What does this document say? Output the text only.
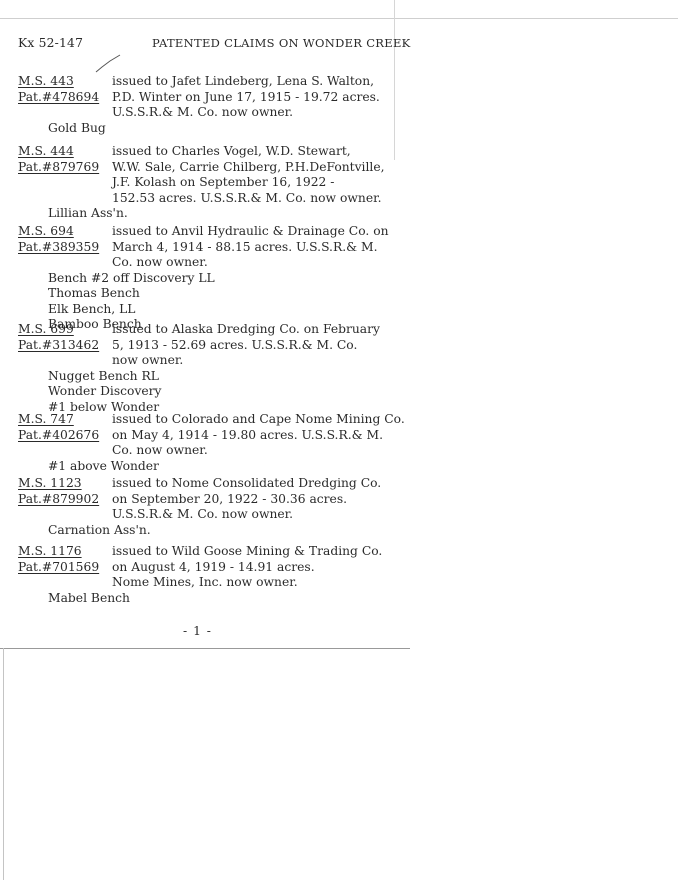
Kx 52-147	PATENTED CLAIMS ON WONDER CREEK
M.S. 443	issued to Jafet Lindeberg, Lena S. Walton,
Pat.#478694 P.D. Winter on June 17, 1915 - 19.72 acres.
U.S.S.R.& M. Co. now owner.
Gold Bug
M.S. 444	issued to Charles Vogel, W.D. Stewart,
Pat.#879769 W.W. Sale, Carrie Chilberg, P.H.DeFontville,
J.F. Kolash on September 16, 1922 -
152.53 acres. U.S.S.R.& M. Co. now owner.
Lillian Ass'n.
M.S. 694	issued to Anvil Hydraulic & Drainage Co. on
Pat.#389359 March 4, 1914 - 88.15 acres. U.S.S.R.& M.
Co. now owner.
Bench #2 off Discovery LL
Thomas Bench
Elk Bench, LL
Bamboo Bench
M.S. 699	issued to Alaska Dredging Co. on February
Pat.#313462 5, 1913 - 52.69 acres. U.S.S.R.& M. Co.
now owner.
Nugget Bench RL
Wonder Discovery
#1 below Wonder
M.S. 747	issued to Colorado and Cape Nome Mining Co.
Pat.#402676 on May 4, 1914 - 19.80 acres. U.S.S.R.& M.
Co. now owner.
#1 above Wonder
M.S. 1123 issued to Nome Consolidated Dredging Co.
Pat.#879902 on September 20, 1922 - 30.36 acres.
U.S.S.R.& M. Co. now owner.
Carnation Ass'n.
M.S. 1176 issued to Wild Goose Mining & Trading Co.
Pat.#701569 on August 4, 1919 - 14.91 acres.
Nome Mines, Inc. now owner.
Mabel Bench
- 1 -
